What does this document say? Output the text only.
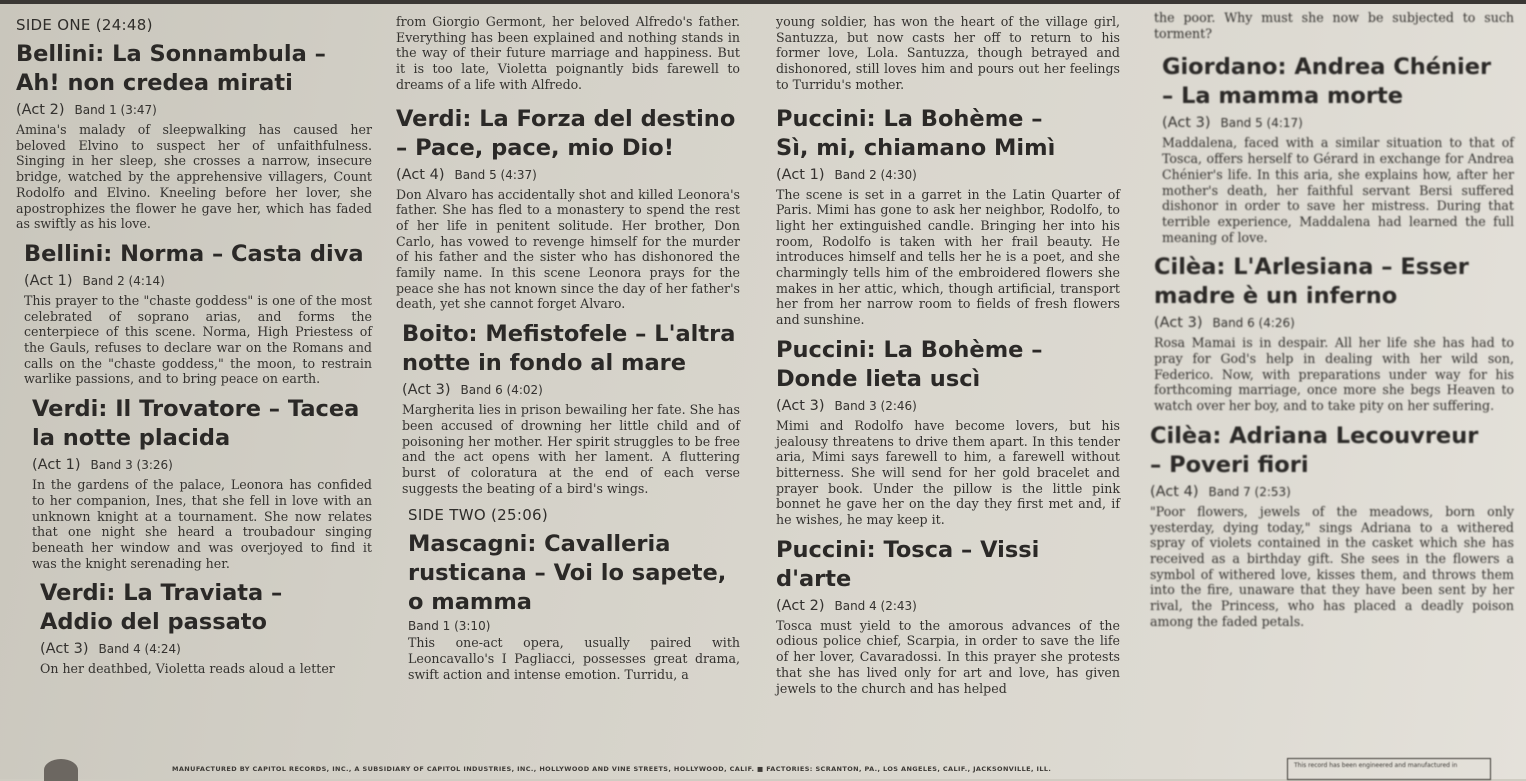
SIDE ONE (24:48)

Bellini: La Sonnambula –

Ah! non credea mirati

(Act 2) Band 1 (3:47)

Amina's malady of sleepwalking has caused her beloved Elvino to suspect her of unfaithfulness. Singing in her sleep, she crosses a narrow, insecure bridge, watched by the apprehensive villagers, Count Rodolfo and Elvino. Kneeling before her lover, she apostrophizes the flower he gave her, which has faded as swiftly as his love.

Bellini: Norma – Casta diva

(Act 1) Band 2 (4:14)

This prayer to the "chaste goddess" is one of the most celebrated of soprano arias, and forms the centerpiece of this scene. Norma, High Priestess of the Gauls, refuses to declare war on the Romans and calls on the "chaste goddess," the moon, to restrain warlike passions, and to bring peace on earth.

Verdi: Il Trovatore – Tacea

la notte placida

(Act 1) Band 3 (3:26)

In the gardens of the palace, Leonora has confided to her companion, Ines, that she fell in love with an unknown knight at a tournament. She now relates that one night she heard a troubadour singing beneath her window and was overjoyed to find it was the knight serenading her.

Verdi: La Traviata –

Addio del passato

(Act 3) Band 4 (4:24)

On her deathbed, Violetta reads aloud a letter

from Giorgio Germont, her beloved Alfredo's father. Everything has been explained and nothing stands in the way of their future marriage and happiness. But it is too late, Violetta poignantly bids farewell to dreams of a life with Alfredo.

Verdi: La Forza del destino

– Pace, pace, mio Dio!

(Act 4) Band 5 (4:37)

Don Alvaro has accidentally shot and killed Leonora's father. She has fled to a monastery to spend the rest of her life in penitent solitude. Her brother, Don Carlo, has vowed to revenge himself for the murder of his father and the sister who has dishonored the family name. In this scene Leonora prays for the peace she has not known since the day of her father's death, yet she cannot forget Alvaro.

Boito: Mefistofele – L'altra

notte in fondo al mare

(Act 3) Band 6 (4:02)

Margherita lies in prison bewailing her fate. She has been accused of drowning her little child and of poisoning her mother. Her spirit struggles to be free and the act opens with her lament. A fluttering burst of coloratura at the end of each verse suggests the beating of a bird's wings.

SIDE TWO (25:06)

Mascagni: Cavalleria

rusticana – Voi lo sapete,

o mamma

Band 1 (3:10)

This one-act opera, usually paired with Leoncavallo's I Pagliacci, possesses great drama, swift action and intense emotion. Turridu, a

young soldier, has won the heart of the village girl, Santuzza, but now casts her off to return to his former love, Lola. Santuzza, though betrayed and dishonored, still loves him and pours out her feelings to Turridu's mother.

Puccini: La Bohème –

Sì, mi, chiamano Mimì

(Act 1) Band 2 (4:30)

The scene is set in a garret in the Latin Quarter of Paris. Mimi has gone to ask her neighbor, Rodolfo, to light her extinguished candle. Bringing her into his room, Rodolfo is taken with her frail beauty. He introduces himself and tells her he is a poet, and she charmingly tells him of the embroidered flowers she makes in her attic, which, though artificial, transport her from her narrow room to fields of fresh flowers and sunshine.

Puccini: La Bohème –

Donde lieta uscì

(Act 3) Band 3 (2:46)

Mimi and Rodolfo have become lovers, but his jealousy threatens to drive them apart. In this tender aria, Mimi says farewell to him, a farewell without bitterness. She will send for her gold bracelet and prayer book. Under the pillow is the little pink bonnet he gave her on the day they first met and, if he wishes, he may keep it.

Puccini: Tosca – Vissi d'arte

(Act 2) Band 4 (2:43)

Tosca must yield to the amorous advances of the odious police chief, Scarpia, in order to save the life of her lover, Cavaradossi. In this prayer she protests that she has lived only for art and love, has given jewels to the church and has helped

the poor. Why must she now be subjected to such torment?

Giordano: Andrea Chénier

– La mamma morte

(Act 3) Band 5 (4:17)

Maddalena, faced with a similar situation to that of Tosca, offers herself to Gérard in exchange for Andrea Chénier's life. In this aria, she explains how, after her mother's death, her faithful servant Bersi suffered dishonor in order to save her mistress. During that terrible experience, Maddalena had learned the full meaning of love.

Cilèa: L'Arlesiana – Esser

madre è un inferno

(Act 3) Band 6 (4:26)

Rosa Mamai is in despair. All her life she has had to pray for God's help in dealing with her wild son, Federico. Now, with preparations under way for his forthcoming marriage, once more she begs Heaven to watch over her boy, and to take pity on her suffering.

Cilèa: Adriana Lecouvreur

– Poveri fiori

(Act 4) Band 7 (2:53)

"Poor flowers, jewels of the meadows, born only yesterday, dying today," sings Adriana to a withered spray of violets contained in the casket which she has received as a birthday gift. She sees in the flowers a symbol of withered love, kisses them, and throws them into the fire, unaware that they have been sent by her rival, the Princess, who has placed a deadly poison among the faded petals.

MANUFACTURED BY CAPITOL RECORDS, INC., A SUBSIDIARY OF CAPITOL INDUSTRIES, INC., HOLLYWOOD AND VINE STREETS, HOLLYWOOD, CALIF. ■ FACTORIES: SCRANTON, PA., LOS ANGELES, CALIF., JACKSONVILLE, ILL.	This record has been engineered and manufactured in
